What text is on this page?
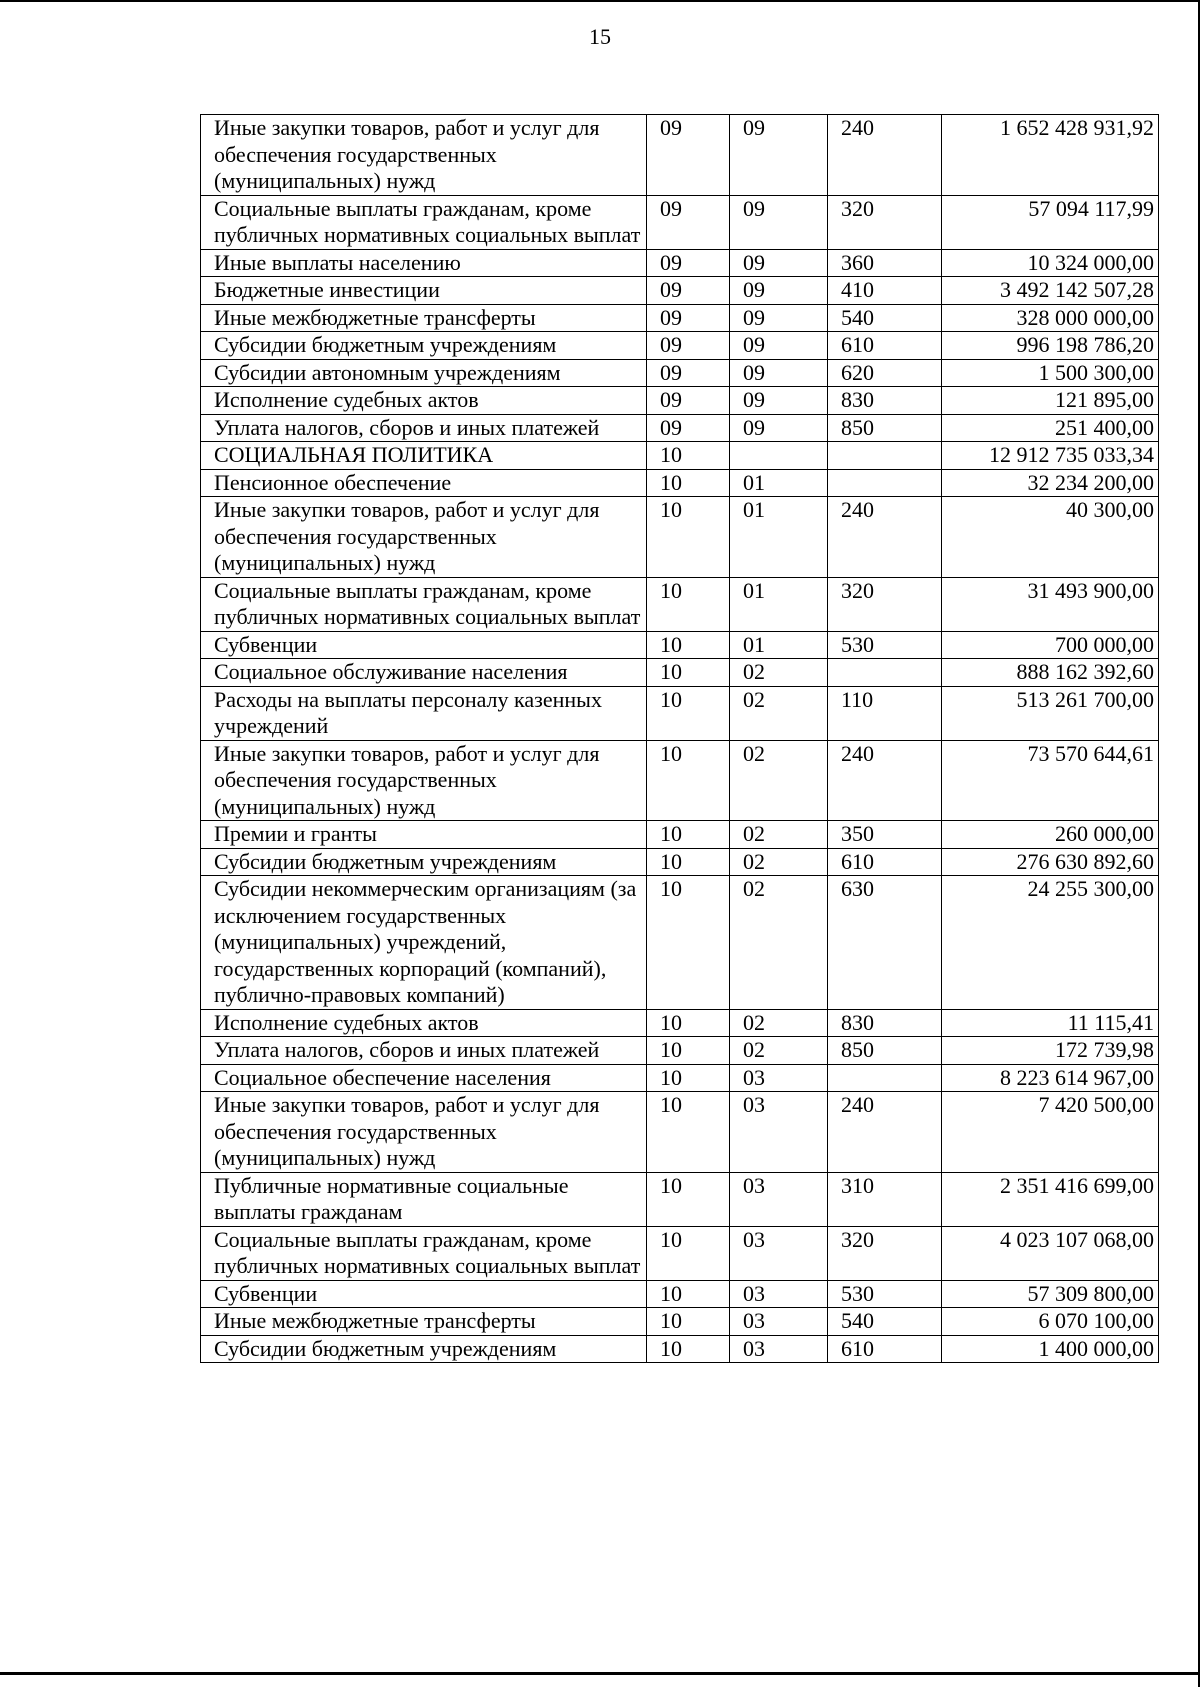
15
Иные закупки товаров, работ и услуг для обеспечения государственных (муниципальных) нужд	09	09	240	1 652 428 931,92
Социальные выплаты гражданам, кроме публичных нормативных социальных выплат	09	09	320	57 094 117,99
Иные выплаты населению	09	09	360	10 324 000,00
Бюджетные инвестиции	09	09	410	3 492 142 507,28
Иные межбюджетные трансферты	09	09	540	328 000 000,00
Субсидии бюджетным учреждениям	09	09	610	996 198 786,20
Субсидии автономным учреждениям	09	09	620	1 500 300,00
Исполнение судебных актов	09	09	830	121 895,00
Уплата налогов, сборов и иных платежей	09	09	850	251 400,00
СОЦИАЛЬНАЯ ПОЛИТИКА	10			12 912 735 033,34
Пенсионное обеспечение	10	01		32 234 200,00
Иные закупки товаров, работ и услуг для обеспечения государственных (муниципальных) нужд	10	01	240	40 300,00
Социальные выплаты гражданам, кроме публичных нормативных социальных выплат	10	01	320	31 493 900,00
Субвенции	10	01	530	700 000,00
Социальное обслуживание населения	10	02		888 162 392,60
Расходы на выплаты персоналу казенных учреждений	10	02	110	513 261 700,00
Иные закупки товаров, работ и услуг для обеспечения государственных (муниципальных) нужд	10	02	240	73 570 644,61
Премии и гранты	10	02	350	260 000,00
Субсидии бюджетным учреждениям	10	02	610	276 630 892,60
Субсидии некоммерческим организациям (за исключением государственных (муниципальных) учреждений, государственных корпораций (компаний), публично-правовых компаний)	10	02	630	24 255 300,00
Исполнение судебных актов	10	02	830	11 115,41
Уплата налогов, сборов и иных платежей	10	02	850	172 739,98
Социальное обеспечение населения	10	03		8 223 614 967,00
Иные закупки товаров, работ и услуг для обеспечения государственных (муниципальных) нужд	10	03	240	7 420 500,00
Публичные нормативные социальные выплаты гражданам	10	03	310	2 351 416 699,00
Социальные выплаты гражданам, кроме публичных нормативных социальных выплат	10	03	320	4 023 107 068,00
Субвенции	10	03	530	57 309 800,00
Иные межбюджетные трансферты	10	03	540	6 070 100,00
Субсидии бюджетным учреждениям	10	03	610	1 400 000,00
